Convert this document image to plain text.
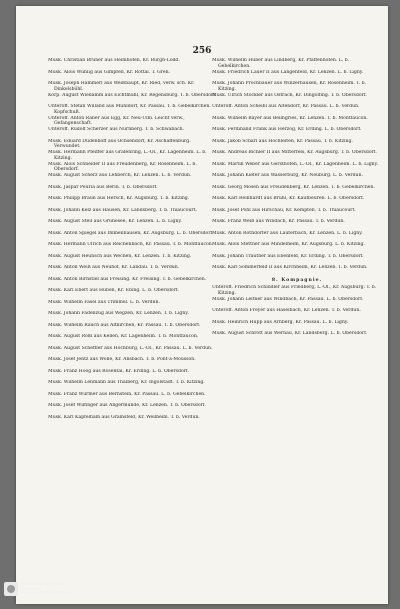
256
Musk. Christian Bruner aus Heimhofen, Kr. Burgh-Lodd.
Musk. Alois Wühlig aus Gimpfen, Kr. Rottal. T. Gren.
Musk. Joseph Hammerl aus Weißhaupt, Kr. Ried, verw. sch. Kr. Dinkelsbühl.
Korp. August Wiedamm aus Eichtmühl, Kr. Regensburg. T. b. Obersdorf.
Unteroff. Stefan Willand aus Mühldorf, Kr. Passau. T. b. Gebelkirchen. Kopfschuß.
Unteroff. Anton Raber aus Egg, Kr. Neu-Ulm. Leicht verw., Gefangenschaft.
Unteroff. Rudolf Scherzer aus Nürnberg. T. b. Schwabach.
Musk. Eduard Dudenhoff aus Ochsendorf, Kr. Aschaffenburg. Verwundet.
Musk. Hermann Pfeiffer aus Grafenring, L.-Ol., Kr. Lagenheim. L. b. Kitzing.
Musk. Alois Schneider II aus Freudenberg, Kr. Rosenheim. L. b. Obersdorf.
Musk. August Scherz aus Lehberch, Kr. Lenzen. L. b. Verdun.
Musk. Jaspar Peuria aus Berin. T. b. Obersdorf.
Musk. Philipp Braun aus Hersch, Kr. Augsburg. T. b. Kitzing.
Musk. Johann Kelz aus Hausen, Kr. Landsberg. T. b. Thiaucourt.
Musk. August Steil aus Grünesee, Kr. Lenzen. L. b. Ligny.
Musk. Anton Spiegel aus Immenhausen, Kr. Augsburg. L. b. Obersdorf.
Musk. Hermann Ulrich aus Reichenbach, Kr. Passau. T. b. Montfaucon.
Musk. August Heunsch aus Wechen, Kr. Lenzen. T. b. Kitzing.
Musk. Anton Weiß aus Neuhof, Kr. Landau. T. b. Verdun.
Musk. Anton Birnstiel aus Freising. Kr. Freising. T. b. Gebelkirchen.
Musk. Karl Ebert aus Huben, Kr. Ebing. L. b. Obersdorf.
Musk. Wilhelm Fasel aus Trimmel. L. b. Verdun.
Musk. Johann Fadenzug aus Wegzen, Kr. Lenzen. T. b. Ligny.
Musk. Wilhelm Rauch aus Altkirchen, Kr. Passau. T. b. Obersdorf.
Musk. August Rößl aus Kellen, Kr. Lagenheim. T. b. Montfaucon.
Musk. August Scheffler aus Hochburg, L.-Ol., Kr. Passau. L. b. Verdun.
Musk. Josef Jentz aus Wölle, Kr. Ansbach. T. b. Pont-à-Mousson.
Musk. Franz Hoog aus Rosental, Kr. Erding. L. b. Obersdorf.
Musk. Wilhelm Lehmann aus Thalberg, Kr. Ingolstadt. T. b. Kitzing.
Musk. Franz Würmer aus Bernstein, Kr. Passau. L. b. Gebelkirchen.
Musk. Josef Wilfinger aus Angermünde, Kr. Lenzen. T. b. Obersdorf.
Musk. Karl Kapfelham aus Gramsfeld, Kr. Weilheim. T. b. Verdun.
Musk. Wilhelm Huber aus Lindberg, Kr. Pfaffenhofen. L. b. Gebelkirchen.
Musk. Friedrich Lauer II aus Langenfeld, Kr. Lenzen. L. b. Ligny.
Musk. Johann Prochbauer aus Winzerhausen, Kr. Rosenheim. T. b. Kitzing.
Musk. Ulrich Stöckler aus Ostrach, Kr. Dingolfing. T. b. Obersdorf.
Unteroff. Anton Scheibl aus Altendorf, Kr. Passau. L. b. Verdun.
Musk. Wilhelm Bayer aus Beilngries, Kr. Lenzen. T. b. Montfaucon.
Musk. Ferdinand Frank aus Herzog, Kr. Erding. L. b. Obersdorf.
Musk. Jakob Scharl aus Hochleiten, Kr. Passau. T. b. Kitzing.
Musk. Andreas Bichler II aus Mitterfels, Kr. Augsburg. T. b. Obersdorf.
Musk. Martin Weber aus Gersthofen, L.-Ol., Kr. Lagenheim. L. b. Ligny.
Musk. Johann Kiefer aus Wasserburg, Kr. Neuburg. L. b. Verdun.
Musk. Georg Mosen aus Freudenberg, Kr. Lenzen. T. b. Gebelkirchen.
Musk. Karl Reinhardt aus Brühl, Kr. Kaufbeuren. L. b. Obersdorf.
Musk. Josef Pohl aus Hirschau, Kr. Kempten. T. b. Thiaucourt.
Musk. Franz Weiß aus Windach, Kr. Passau. T. b. Verdun.
Musk. Anton Rothdorfer aus Lauterbach, Kr. Lenzen. L. b. Ligny.
Musk. Alois Stettner aus Mindelheim, Kr. Augsburg. L. b. Kitzing.
Musk. Johann Trautner aus Ebenfeld, Kr. Erding. T. b. Obersdorf.
Musk. Karl Sommerfeld II aus Kirchheim, Kr. Lenzen. T. b. Verdun.
8. Kompagnie.
Unteroff. Friedrich Schindler aus Friedberg, L.-Ol., Kr. Augsburg. T. b. Kitzing.
Musk. Johann Leitner aus Windbach, Kr. Passau. L. b. Obersdorf.
Unteroff. Anton Freyer aus Haselbach, Kr. Lenzen. T. b. Verdun.
Musk. Heinrich Hupp aus Arnberg, Kr. Passau. L. b. Ligny.
Musk. August Schrott aus Wernau, Kr. Landsberg. L. b. Obersdorf.
universitäts bibliothek
heidelberg
UB Heidelberg Bildarchiv
